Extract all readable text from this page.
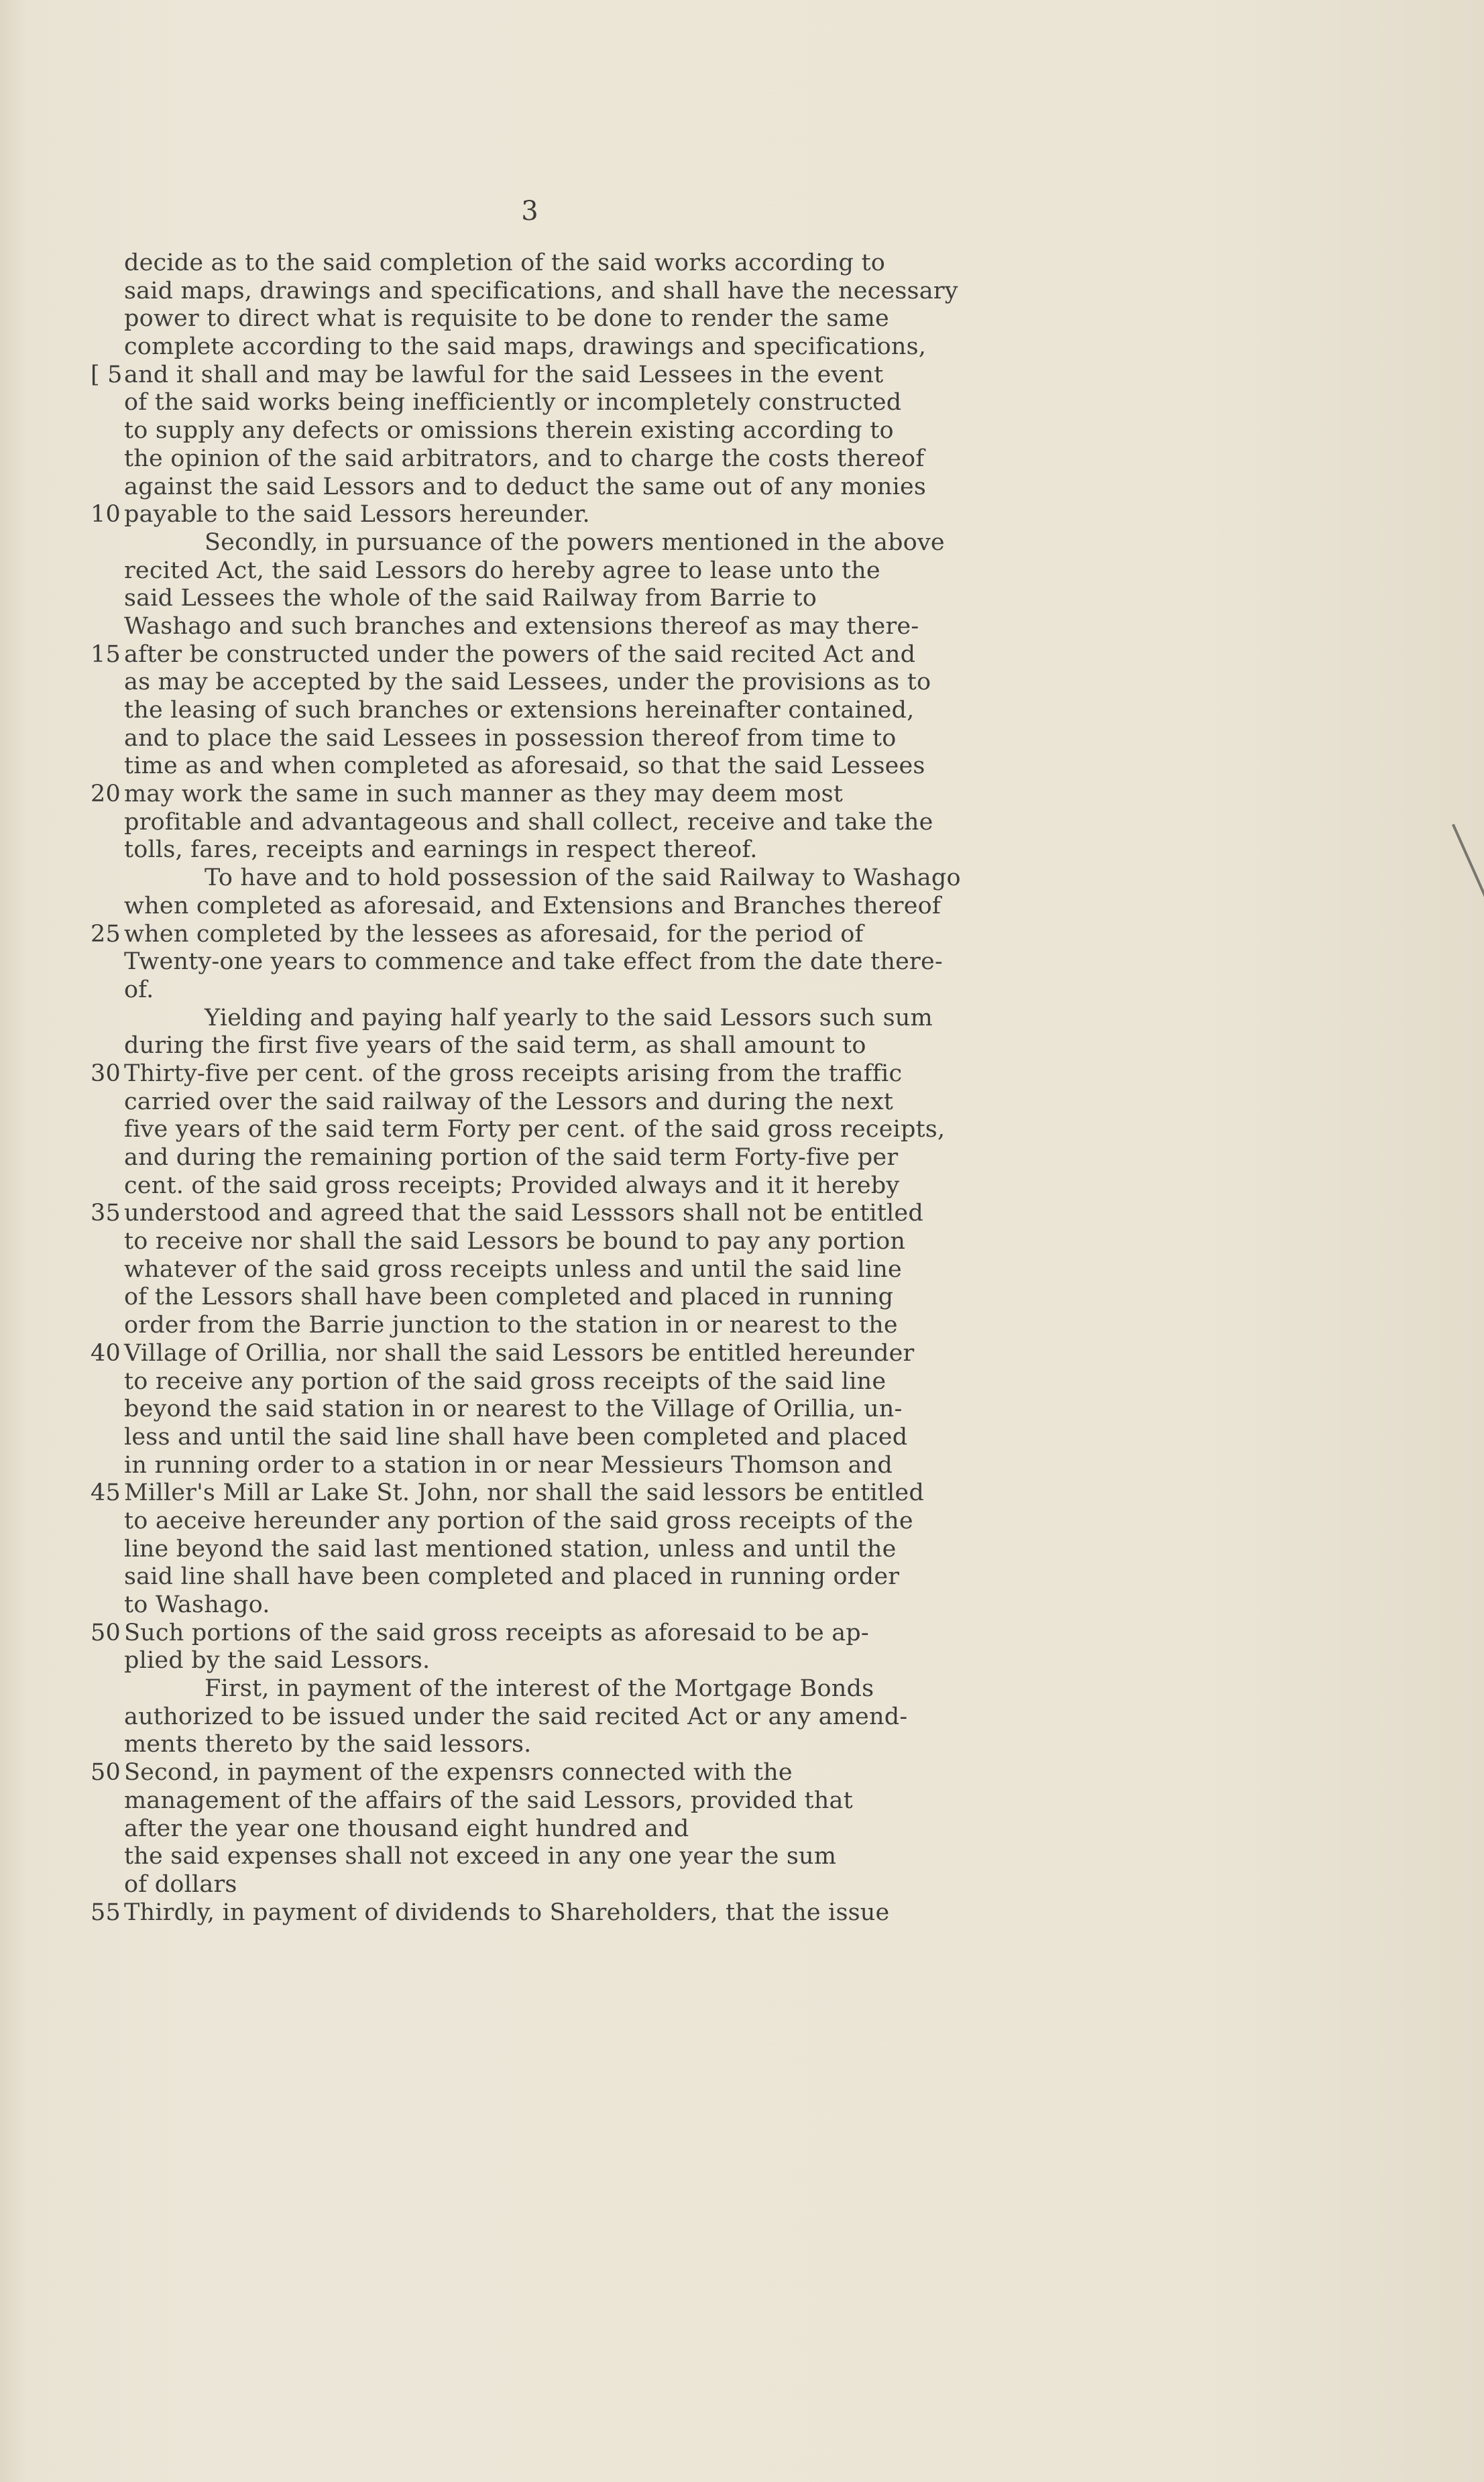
3
decide as to the said completion of the said works according to
said maps, drawings and specifications, and shall have the necessary
power to direct what is requisite to be done to render the same
complete according to the said maps, drawings and specifications,
[ 5 and it shall and may be lawful for the said Lessees in the event
of the said works being inefficiently or incompletely constructed
to supply any defects or omissions therein existing according to
the opinion of the said arbitrators, and to charge the costs thereof
against the said Lessors and to deduct the same out of any monies
10 payable to the said Lessors hereunder.
Secondly, in pursuance of the powers mentioned in the above
recited Act, the said Lessors do hereby agree to lease unto the
said Lessees the whole of the said Railway from Barrie to
Washago and such branches and extensions thereof as may there-
15 after be constructed under the powers of the said recited Act and
as may be accepted by the said Lessees, under the provisions as to
the leasing of such branches or extensions hereinafter contained,
and to place the said Lessees in possession thereof from time to
time as and when completed as aforesaid, so that the said Lessees
20 may work the same in such manner as they may deem most
profitable and advantageous and shall collect, receive and take the
tolls, fares, receipts and earnings in respect thereof.
To have and to hold possession of the said Railway to Washago
when completed as aforesaid, and Extensions and Branches thereof
25 when completed by the lessees as aforesaid, for the period of
Twenty-one years to commence and take effect from the date there-
of.
Yielding and paying half yearly to the said Lessors such sum
during the first five years of the said term, as shall amount to
30 Thirty-five per cent. of the gross receipts arising from the traffic
carried over the said railway of the Lessors and during the next
five years of the said term Forty per cent. of the said gross receipts,
and during the remaining portion of the said term Forty-five per
cent. of the said gross receipts; Provided always and it it hereby
35 understood and agreed that the said Lesssors shall not be entitled
to receive nor shall the said Lessors be bound to pay any portion
whatever of the said gross receipts unless and until the said line
of the Lessors shall have been completed and placed in running
order from the Barrie junction to the station in or nearest to the
40 Village of Orillia, nor shall the said Lessors be entitled hereunder
to receive any portion of the said gross receipts of the said line
beyond the said station in or nearest to the Village of Orillia, un-
less and until the said line shall have been completed and placed
in running order to a station in or near Messieurs Thomson and
45 Miller's Mill ar Lake St. John, nor shall the said lessors be entitled
to aeceive hereunder any portion of the said gross receipts of the
line beyond the said last mentioned station, unless and until the
said line shall have been completed and placed in running order
to Washago.
50 Such portions of the said gross receipts as aforesaid to be ap-
plied by the said Lessors.
First, in payment of the interest of the Mortgage Bonds
authorized to be issued under the said recited Act or any amend-
ments thereto by the said lessors.
50 Second, in payment of the expensrs connected with the
management of the affairs of the said Lessors, provided that
after the year one thousand eight hundred and
the said expenses shall not exceed in any one year the sum
of dollars
55 Thirdly, in payment of dividends to Shareholders, that the issue
